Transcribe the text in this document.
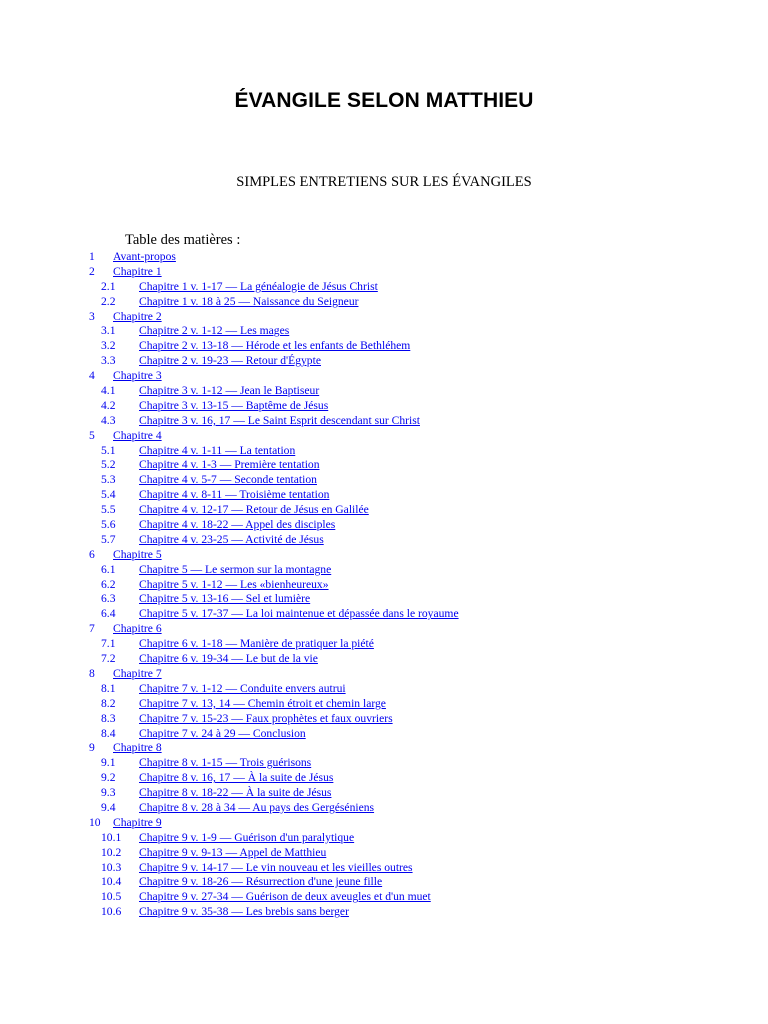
ÉVANGILE SELON MATTHIEU

SIMPLES ENTRETIENS SUR LES ÉVANGILES

Table des matières :

1 Avant-propos
2 Chapitre 1
2.1 Chapitre 1 v. 1-17 — La généalogie de Jésus Christ
2.2 Chapitre 1 v. 18 à 25 — Naissance du Seigneur
3 Chapitre 2
3.1 Chapitre 2 v. 1-12 — Les mages
3.2 Chapitre 2 v. 13-18 — Hérode et les enfants de Bethléhem
3.3 Chapitre 2 v. 19-23 — Retour d'Égypte
4 Chapitre 3
4.1 Chapitre 3 v. 1-12 — Jean le Baptiseur
4.2 Chapitre 3 v. 13-15 — Baptême de Jésus
4.3 Chapitre 3 v. 16, 17 — Le Saint Esprit descendant sur Christ
5 Chapitre 4
5.1 Chapitre 4 v. 1-11 — La tentation
5.2 Chapitre 4 v. 1-3 — Première tentation
5.3 Chapitre 4 v. 5-7 — Seconde tentation
5.4 Chapitre 4 v. 8-11 — Troisième tentation
5.5 Chapitre 4 v. 12-17 — Retour de Jésus en Galilée
5.6 Chapitre 4 v. 18-22 — Appel des disciples
5.7 Chapitre 4 v. 23-25 — Activité de Jésus
6 Chapitre 5
6.1 Chapitre 5 — Le sermon sur la montagne
6.2 Chapitre 5 v. 1-12 — Les «bienheureux»
6.3 Chapitre 5 v. 13-16 — Sel et lumière
6.4 Chapitre 5 v. 17-37 — La loi maintenue et dépassée dans le royaume
7 Chapitre 6
7.1 Chapitre 6 v. 1-18 — Manière de pratiquer la piété
7.2 Chapitre 6 v. 19-34 — Le but de la vie
8 Chapitre 7
8.1 Chapitre 7 v. 1-12 — Conduite envers autrui
8.2 Chapitre 7 v. 13, 14 — Chemin étroit et chemin large
8.3 Chapitre 7 v. 15-23 — Faux prophètes et faux ouvriers
8.4 Chapitre 7 v. 24 à 29 — Conclusion
9 Chapitre 8
9.1 Chapitre 8 v. 1-15 — Trois guérisons
9.2 Chapitre 8 v. 16, 17 — À la suite de Jésus
9.3 Chapitre 8 v. 18-22 — À la suite de Jésus
9.4 Chapitre 8 v. 28 à 34 — Au pays des Gergéséniens
10 Chapitre 9
10.1 Chapitre 9 v. 1-9 — Guérison d'un paralytique
10.2 Chapitre 9 v. 9-13 — Appel de Matthieu
10.3 Chapitre 9 v. 14-17 — Le vin nouveau et les vieilles outres
10.4 Chapitre 9 v. 18-26 — Résurrection d'une jeune fille
10.5 Chapitre 9 v. 27-34 — Guérison de deux aveugles et d'un muet
10.6 Chapitre 9 v. 35-38 — Les brebis sans berger
